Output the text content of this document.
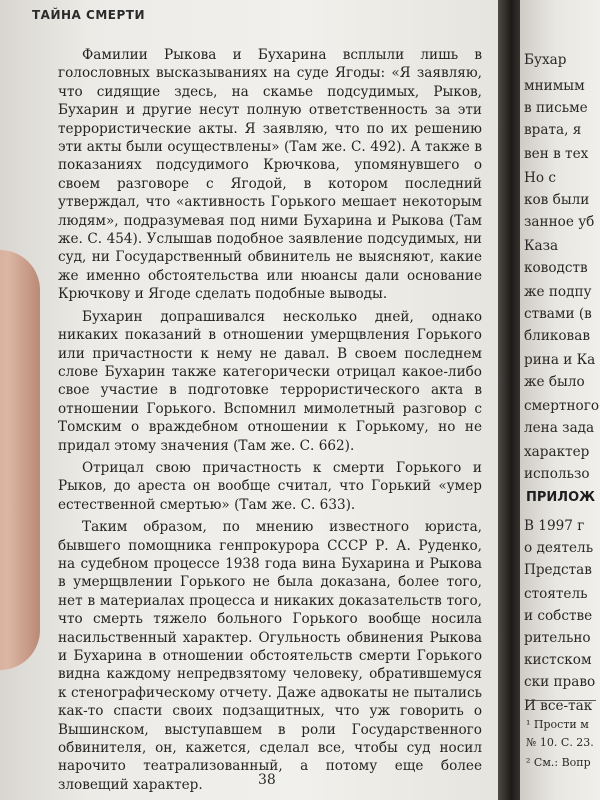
ТАЙНА СМЕРТИ

Фамилии Рыкова и Бухарина всплыли лишь в голословных высказываниях на суде Ягоды: «Я заявляю, что сидящие здесь, на скамье подсудимых, Рыков, Бухарин и другие несут полную ответственность за эти террористические акты. Я заявляю, что по их решению эти акты были осуществлены» (Там же. С. 492). А также в показаниях подсудимого Крючкова, упомянувшего о своем разговоре с Ягодой, в котором последний утверждал, что «активность Горького мешает некоторым людям», подразумевая под ними Бухарина и Рыкова (Там же. С. 454). Услышав подобное заявление подсудимых, ни суд, ни Государственный обвинитель не выясняют, какие же именно обстоятельства или нюансы дали основание Крючкову и Ягоде сделать подобные выводы.

Бухарин допрашивался несколько дней, однако никаких показаний в отношении умерщвления Горького или причастности к нему не давал. В своем последнем слове Бухарин также категорически отрицал какое-либо свое участие в подготовке террористического акта в отношении Горького. Вспомнил мимолетный разговор с Томским о враждебном отношении к Горькому, но не придал этому значения (Там же. С. 662).

Отрицал свою причастность к смерти Горького и Рыков, до ареста он вообще считал, что Горький «умер естественной смертью» (Там же. С. 633).

Таким образом, по мнению известного юриста, бывшего помощника генпрокурора СССР Р. А. Руденко, на судебном процессе 1938 года вина Бухарина и Рыкова в умерщвлении Горького не была доказана, более того, нет в материалах процесса и никаких доказательств того, что смерть тяжело больного Горького вообще носила насильственный характер. Огульность обвинения Рыкова и Бухарина в отношении обстоятельств смерти Горького видна каждому непредвзятому человеку, обратившемуся к стенографическому отчету. Даже адвокаты не пытались как-то спасти своих подзащитных, что уж говорить о Вышинском, выступавшем в роли Государственного обвинителя, он, кажется, сделал все, чтобы суд носил нарочито театрализованный, а потому еще более зловещий характер.	38
ПРИЛОЖ
Бухар
мнимым
в письме
врата, я
вен в тех
Но с
ков были
занное уб
Каза
ководств
же подпу
ствами (в
бликовав
рина и Ка
же было
смертного
лена зада
характер
использо
В 1997 г
о деятель
Представ
стоятель
и собстве
рительно
кистском
ски право
И все-так
¹ Прости м
№ 10. С. 23.
² См.: Вопр
